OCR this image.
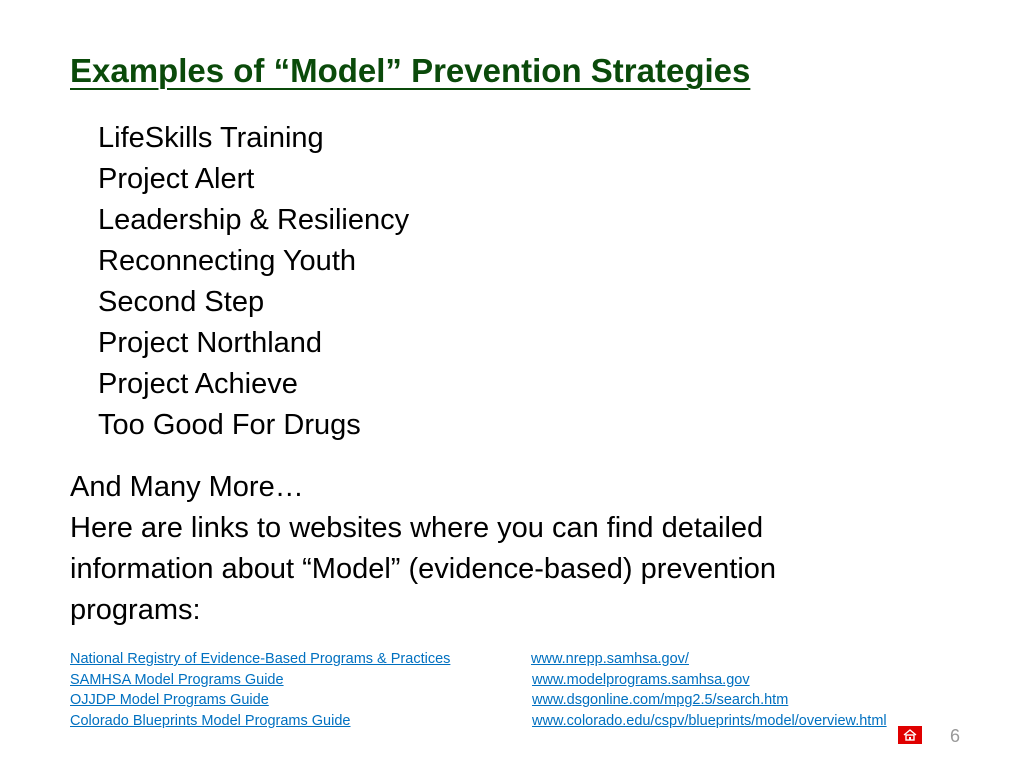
Examples of “Model” Prevention Strategies
LifeSkills Training
Project Alert
Leadership & Resiliency
Reconnecting Youth
Second Step
Project Northland
Project Achieve
Too Good For Drugs
And Many More…
Here are links to websites where you can find detailed
information about “Model” (evidence-based) prevention
programs:
National Registry of Evidence-Based Programs & Practices	www.nrepp.samhsa.gov/
SAMHSA Model Programs Guide	www.modelprograms.samhsa.gov
OJJDP Model Programs Guide	www.dsgonline.com/mpg2.5/search.htm
Colorado Blueprints Model Programs Guide	www.colorado.edu/cspv/blueprints/model/overview.html
6
